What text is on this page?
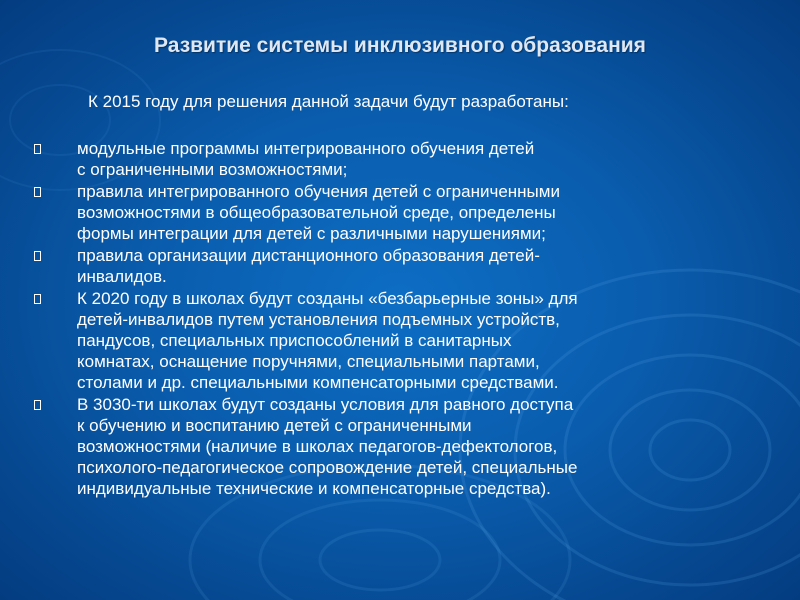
Развитие системы инклюзивного образования
К 2015 году для решения данной задачи будут разработаны:
модульные программы интегрированного обучения детей
с ограниченными возможностями;
правила интегрированного обучения детей с ограниченными
возможностями в общеобразовательной среде, определены
формы интеграции для детей с различными нарушениями;
правила организации дистанционного образования детей-
инвалидов.
К 2020 году в школах будут созданы «безбарьерные зоны» для
детей-инвалидов путем установления подъемных устройств,
пандусов, специальных приспособлений в санитарных
комнатах, оснащение поручнями, специальными партами,
столами и др. специальными компенсаторными средствами.
В 3030-ти школах будут созданы условия для равного доступа
к обучению и воспитанию детей с ограниченными
возможностями (наличие в школах педагогов-дефектологов,
психолого-педагогическое сопровождение детей, специальные
индивидуальные технические и компенсаторные средства).
